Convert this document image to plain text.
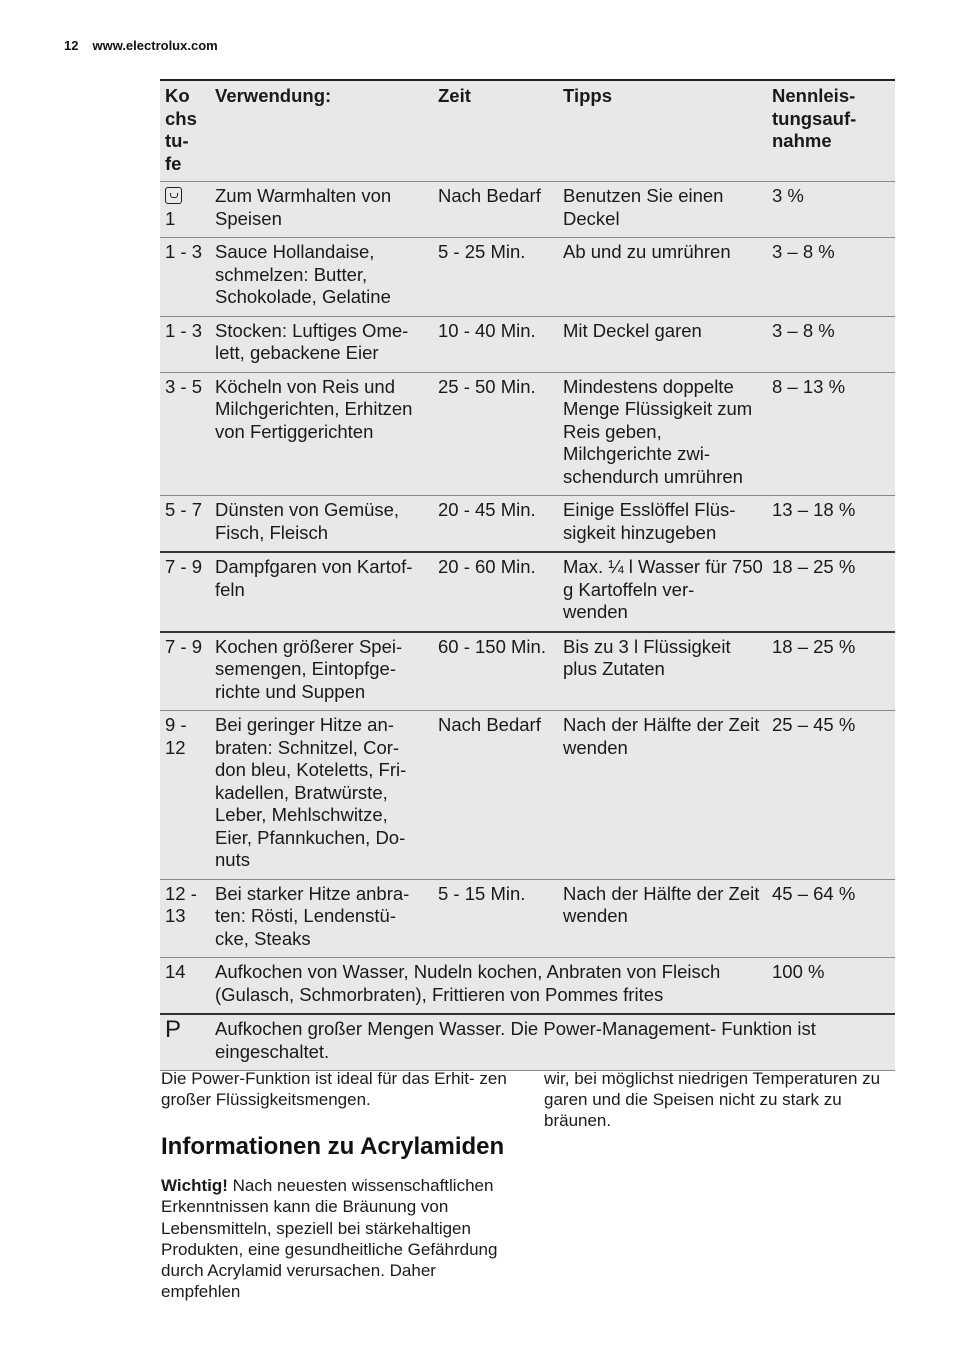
12 www.electrolux.com
Ko chs tu- fe	Verwendung:	Zeit	Tipps	Nennleis- tungsauf- nahme

1	Zum Warmhalten von Speisen	Nach Bedarf	Benutzen Sie einen Deckel	3 %
1 - 3	Sauce Hollandaise, schmelzen: Butter, Schokolade, Gelatine	5 - 25 Min.	Ab und zu umrühren	3 – 8 %
1 - 3	Stocken: Luftiges Ome- lett, gebackene Eier	10 - 40 Min.	Mit Deckel garen	3 – 8 %
3 - 5	Köcheln von Reis und Milchgerichten, Erhitzen von Fertiggerichten	25 - 50 Min.	Mindestens doppelte Menge Flüssigkeit zum Reis geben, Milchgerichte zwi- schendurch umrühren	8 – 13 %
5 - 7	Dünsten von Gemüse, Fisch, Fleisch	20 - 45 Min.	Einige Esslöffel Flüs- sigkeit hinzugeben	13 – 18 %
7 - 9	Dampfgaren von Kartof- feln	20 - 60 Min.	Max. ¼ l Wasser für 750 g Kartoffeln ver- wenden	18 – 25 %
7 - 9	Kochen größerer Spei- semengen, Eintopfge- richte und Suppen	60 - 150 Min.	Bis zu 3 l Flüssigkeit plus Zutaten	18 – 25 %
9 - 12	Bei geringer Hitze an- braten: Schnitzel, Cor- don bleu, Koteletts, Fri- kadellen, Bratwürste, Leber, Mehlschwitze, Eier, Pfannkuchen, Do- nuts	Nach Bedarf	Nach der Hälfte der Zeit wenden	25 – 45 %
12 - 13	Bei starker Hitze anbra- ten: Rösti, Lendenstü- cke, Steaks	5 - 15 Min.	Nach der Hälfte der Zeit wenden	45 – 64 %
14	Aufkochen von Wasser, Nudeln kochen, Anbraten von Fleisch (Gulasch, Schmorbraten), Frittieren von Pommes frites			100 %
P	Aufkochen großer Mengen Wasser. Die Power-Management- Funktion ist eingeschaltet.			
Die Power-Funktion ist ideal für das Erhit- zen großer Flüssigkeitsmengen.
wir, bei möglichst niedrigen Temperaturen zu garen und die Speisen nicht zu stark zu bräunen.
Informationen zu Acrylamiden
Wichtig! Nach neuesten wissenschaftlichen Erkenntnissen kann die Bräunung von Lebensmitteln, speziell bei stärkehaltigen Produkten, eine gesundheitliche Gefährdung durch Acrylamid verursachen. Daher empfehlen
